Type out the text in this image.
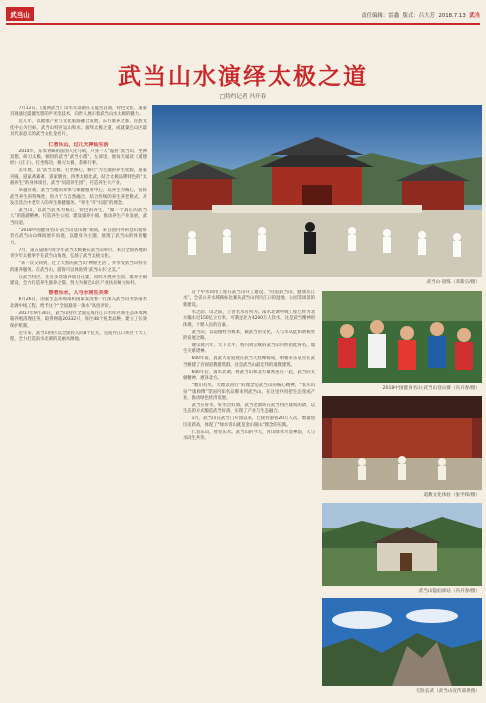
武当山	责任编辑：雷鑫 版式：吕大芳 2018.7.13 武当
武当山水演绎太极之道
□特约记者 冯开春

7月12日，《道典武当》山水实景剧在玉虚宫首演，特色文化、道家宫观通过震撼光影的声光电技术，向世人展示着武当山水太极的魅力。

近几年，以健康产业与文化旅游融合发展，东方康养之都、民族文化中心为目标，武当山特区运山和水，演绎太极之道，成就秦巴山区最具代表意义的武当文化金名片。

仁者乐山，过几天神仙生活

2014年，东农青睐的法国人托马斯，只身一人“隐居”武当山，坐禅冥想，研习太极，顿悟的武当“武当小派”。左部里，他每天诵读《道德经》《庄子》，打坐练功，修习太极，茶师行事。

去年底，以“武当太极、打坐修心，修行”为主题的养生度假，道家宫殿、道家斋素斋、道家膳食，四季太极比武，结合太极品牌特色的“太极养生”的身体项目，武当“问道养生园”，打造养生大产业。

卓越宫观，武当当地的身体与保健服务中心，以养生为核心，发挥武当养生的特殊性，致力于与自然融合，结合传统的养生养老模式，开发出适合中老年人的养生保健服务。“养生”开“问道”的理念。

武当山，以武当武术为核心，特色的养生，“做一个真正的武当人”的旅游精神。打造养生公园，建设康养小镇，推动养生产业发展，武当问道。

“2018中国健身名山·武当山登山赛”期间，来自国内外的登山爱好者在武当山山峰间展开角逐，以健身为主题，展现了武当山的体育魅力。

7月，第五届国内青少年武当太极赛在武当山举行，来自全国各地的青少年太极拳手在武当山角逐，弘扬了武当太极文化。

“来一次又回到，过上天然的武当山‘神仙生活’，并享受武当山特有的康养服务。在武当山，游客可以体验到‘武当山水’之美。”

在武当特区，还有多处康养项目在建，同时开展养生园、康养小镇建设，全力打造养生康养之都，努力为秦巴山区产业扶贫树立标杆。

智者乐水，人与水同生共荣

6月26日，国家生态环境部和国家发改委一行深入武当山考察南水北调中线工程，给予这个“全国最清一条水”高度评价。

2017年9月30日，武当山特区全面完成丹江口水库区域生态环境网箱养殖清理任务，取得网箱20332只，库区48个鱼类品种，建立了长效保护机制。

近年来，武当山特区以全面投入的8个亿元，完成丹江口库区十大工程，全力打造南水北调的美丽水源地。

首个中水回用工程在武当山开工建设，“问道武当山，健康仅江水”。全省公开水域路标比赛从武当山到丹江口的湿地、公园等场景的新建设。

水之韵，山之阳，上善若水有所为。南水北调中线工程已经为北方输水近150亿立方米，可满足北方4200万人饮水，这是武当精神的体现，十堰人民的自豪。

武当山，以道德经为根本，做武当的文化，人与水从此和谐相处的发展之路。

谢宗观六年，天下太平，明内剑宗统的武当山内经由此得名。康生灾难诸神。

600年前，真武大帝道观在武当天柱峰铸成，明朝永乐皇帝在武当修建了宫观道教建筑群，这是武当山最宏伟的道教建筑。

600年后，南水北调，将武当山和北方紧密连在一起，武当的太极精神，惠泽北方。

“数山有水，大地以同行”的理念是武当山的核心精神，“农夫山泉”“康师傅”等国内知名品牌来到武当山，在这里共同把生态变成产业，推动绿色经济发展。

武当在好水、好水出好酒，武当老酒坊在武当特区建成的酒，以生态的方式酿造武当好酒，实现了产业与生态融合。

1月，武当山在武当门开园以来，已接待游客20万人次，数量创历史新高，体现了“绿水青山就是金山银山”理念的实践。

仁者乐山，智者乐水。武当山的今天，青山绿水尽显神韵，人与水同生共荣。

武当山·晨练（邓新宗/摄）
2018中国健身名山·武当山登山赛（冯开春/摄）
道教文化体验（张学锋/摄）
武当山隐仙驿站（冯开春/摄）
天险玄武（武当山宣传部供图）
